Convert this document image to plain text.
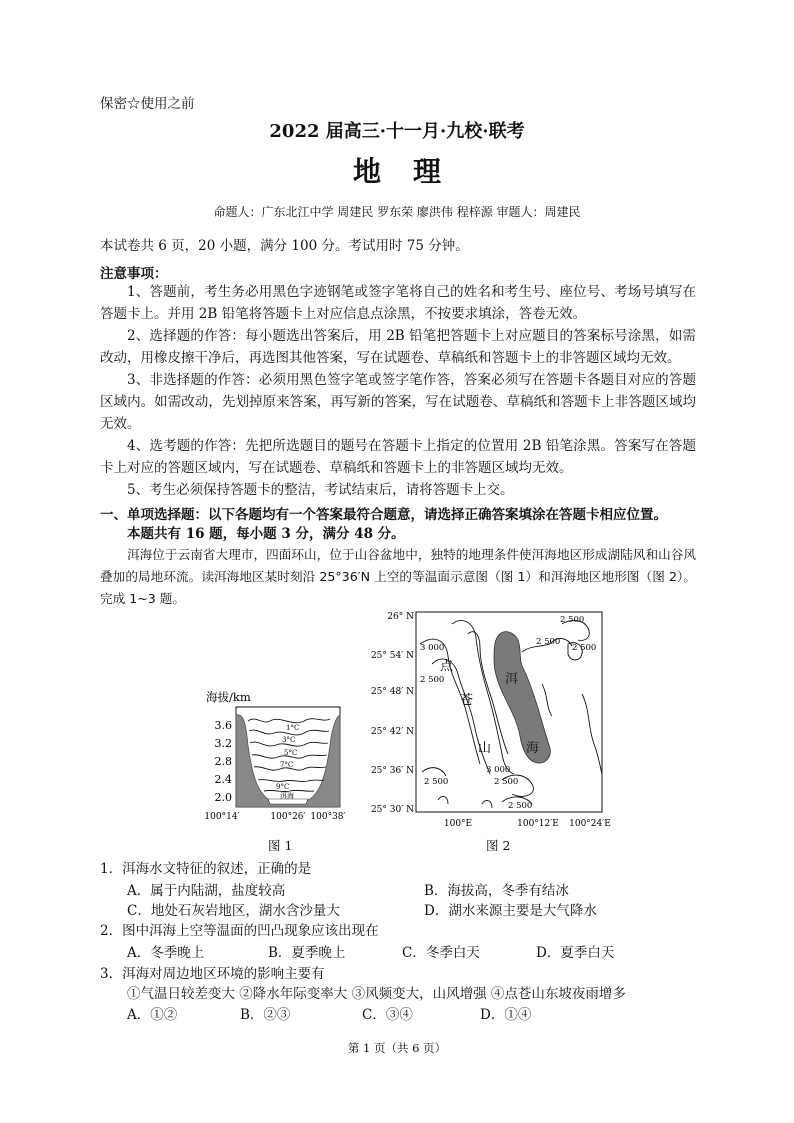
保密☆使用之前
2022 届高三·十一月·九校·联考
地理
命题人：广东北江中学 周建民 罗东荣 廖洪伟 程梓源 审题人：周建民
本试卷共 6 页，20 小题，满分 100 分。考试用时 75 分钟。
注意事项：
1、答题前，考生务必用黑色字迹钢笔或签字笔将自己的姓名和考生号、座位号、考场号填写在答题卡上。并用 2B 铅笔将答题卡上对应信息点涂黑，不按要求填涂，答卷无效。
2、选择题的作答：每小题选出答案后，用 2B 铅笔把答题卡上对应题目的答案标号涂黑，如需改动，用橡皮擦干净后，再选图其他答案，写在试题卷、草稿纸和答题卡上的非答题区域均无效。
3、非选择题的作答：必须用黑色签字笔或签字笔作答，答案必须写在答题卡各题目对应的答题区域内。如需改动，先划掉原来答案，再写新的答案，写在试题卷、草稿纸和答题卡上非答题区域均无效。
4、选考题的作答：先把所选题目的题号在答题卡上指定的位置用 2B 铅笔涂黑。答案写在答题卡上对应的答题区域内，写在试题卷、草稿纸和答题卡上的非答题区域均无效。
5、考生必须保持答题卡的整洁，考试结束后，请将答题卡上交。
一、单项选择题：以下各题均有一个答案最符合题意，请选择正确答案填涂在答题卡相应位置。
本题共有 16 题，每小题 3 分，满分 48 分。
洱海位于云南省大理市，四面环山，位于山谷盆地中，独特的地理条件使洱海地区形成湖陆风和山谷风叠加的局地环流。读洱海地区某时刻沿 25°36′N 上空的等温面示意图（图 1）和洱海地区地形图（图 2）。完成 1~3 题。
海拔/km
3.6
3.2
2.8
2.4
2.0	洱海
1°C
3°C
5°C
7°C
9°C
100°14′	100°26′ 100°38′
图 1
26° N
25° 54′ N
25° 48′ N
25° 42′ N
25° 36′ N
25° 30′ N
100°E	100°12′E 100°24′E
洱
海
点
苍
山
2 500
2 500
2 500
3 000
2 500
3 000
2 500
2 500
2 500
图 2
1．洱海水文特征的叙述，正确的是
A．属于内陆湖，盐度较高	B．海拔高，冬季有结冰
C．地处石灰岩地区，湖水含沙量大	D．湖水来源主要是大气降水
2．图中洱海上空等温面的凹凸现象应该出现在
A．冬季晚上	B．夏季晚上	C．冬季白天	D．夏季白天
3．洱海对周边地区环境的影响主要有
①气温日较差变大 ②降水年际变率大 ③风频变大，山风增强 ④点苍山东坡夜雨增多
A．①②	B．②③	C．③④	D．①④
第 1 页（共 6 页）
